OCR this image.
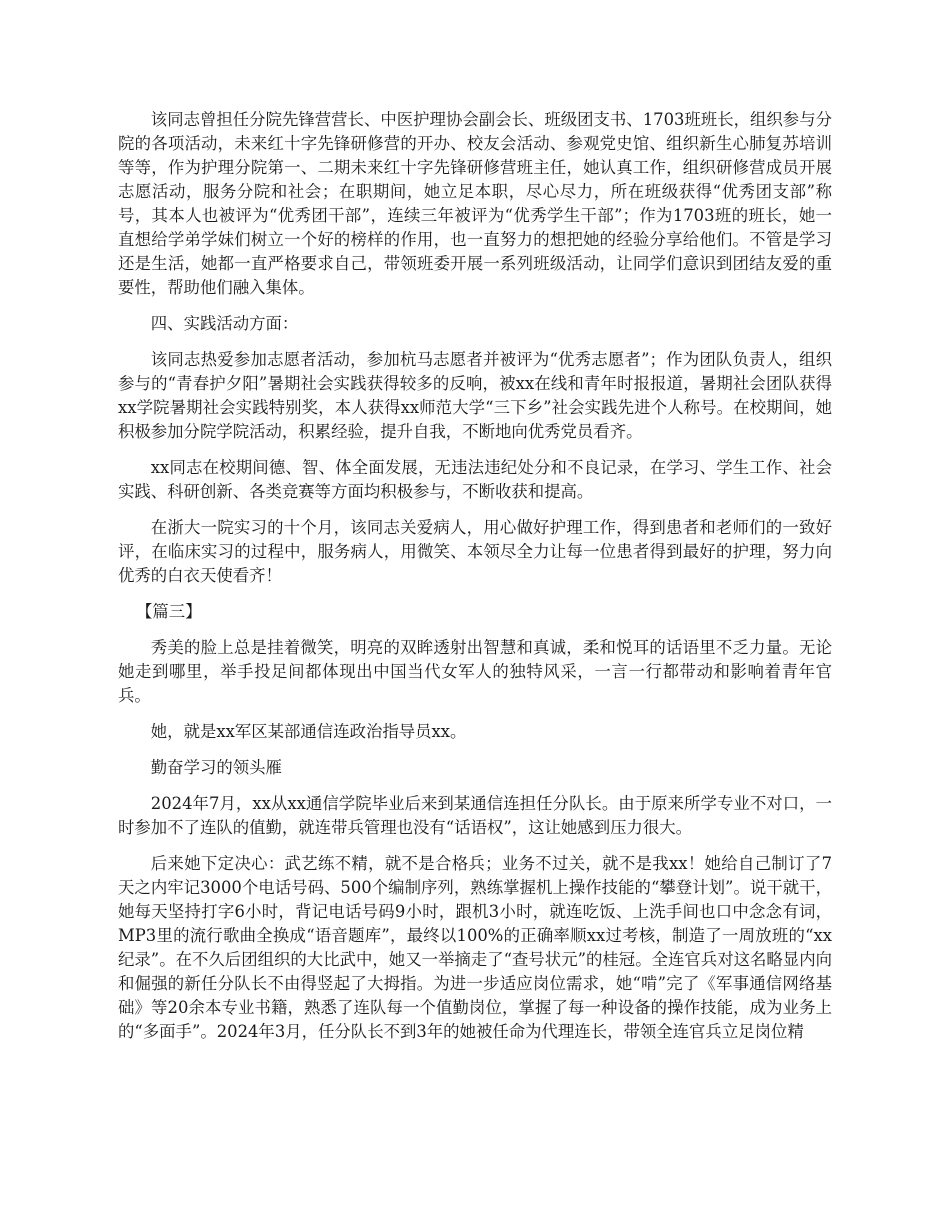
该同志曾担任分院先锋营营长、中医护理协会副会长、班级团支书、1703班班长，组织参与分院的各项活动，未来红十字先锋研修营的开办、校友会活动、参观党史馆、组织新生心肺复苏培训等等，作为护理分院第一、二期未来红十字先锋研修营班主任，她认真工作，组织研修营成员开展志愿活动，服务分院和社会；在职期间，她立足本职，尽心尽力，所在班级获得“优秀团支部”称号，其本人也被评为“优秀团干部”，连续三年被评为“优秀学生干部”；作为1703班的班长，她一直想给学弟学妹们树立一个好的榜样的作用，也一直努力的想把她的经验分享给他们。不管是学习还是生活，她都一直严格要求自己，带领班委开展一系列班级活动，让同学们意识到团结友爱的重要性，帮助他们融入集体。

四、实践活动方面：

该同志热爱参加志愿者活动，参加杭马志愿者并被评为“优秀志愿者”；作为团队负责人，组织参与的“青春护夕阳”暑期社会实践获得较多的反响，被xx在线和青年时报报道，暑期社会团队获得xx学院暑期社会实践特别奖，本人获得xx师范大学“三下乡”社会实践先进个人称号。在校期间，她积极参加分院学院活动，积累经验，提升自我，不断地向优秀党员看齐。

xx同志在校期间德、智、体全面发展，无违法违纪处分和不良记录，在学习、学生工作、社会实践、科研创新、各类竞赛等方面均积极参与，不断收获和提高。

在浙大一院实习的十个月，该同志关爱病人，用心做好护理工作，得到患者和老师们的一致好评，在临床实习的过程中，服务病人，用微笑、本领尽全力让每一位患者得到最好的护理，努力向优秀的白衣天使看齐！

【篇三】

秀美的脸上总是挂着微笑，明亮的双眸透射出智慧和真诚，柔和悦耳的话语里不乏力量。无论她走到哪里，举手投足间都体现出中国当代女军人的独特风采，一言一行都带动和影响着青年官兵。

她，就是xx军区某部通信连政治指导员xx。

勤奋学习的领头雁

2024年7月，xx从xx通信学院毕业后来到某通信连担任分队长。由于原来所学专业不对口，一时参加不了连队的值勤，就连带兵管理也没有“话语权”，这让她感到压力很大。

后来她下定决心：武艺练不精，就不是合格兵；业务不过关，就不是我xx！她给自己制订了7天之内牢记3000个电话号码、500个编制序列，熟练掌握机上操作技能的“攀登计划”。说干就干，她每天坚持打字6小时，背记电话号码9小时，跟机3小时，就连吃饭、上洗手间也口中念念有词，MP3里的流行歌曲全换成“语音题库”，最终以100%的正确率顺xx过考核，制造了一周放班的“xx纪录”。在不久后团组织的大比武中，她又一举摘走了“查号状元”的桂冠。全连官兵对这名略显内向和倔强的新任分队长不由得竖起了大拇指。为进一步适应岗位需求，她“啃”完了《军事通信网络基础》等20余本专业书籍，熟悉了连队每一个值勤岗位，掌握了每一种设备的操作技能，成为业务上的“多面手”。2024年3月，任分队长不到3年的她被任命为代理连长，带领全连官兵立足岗位精
